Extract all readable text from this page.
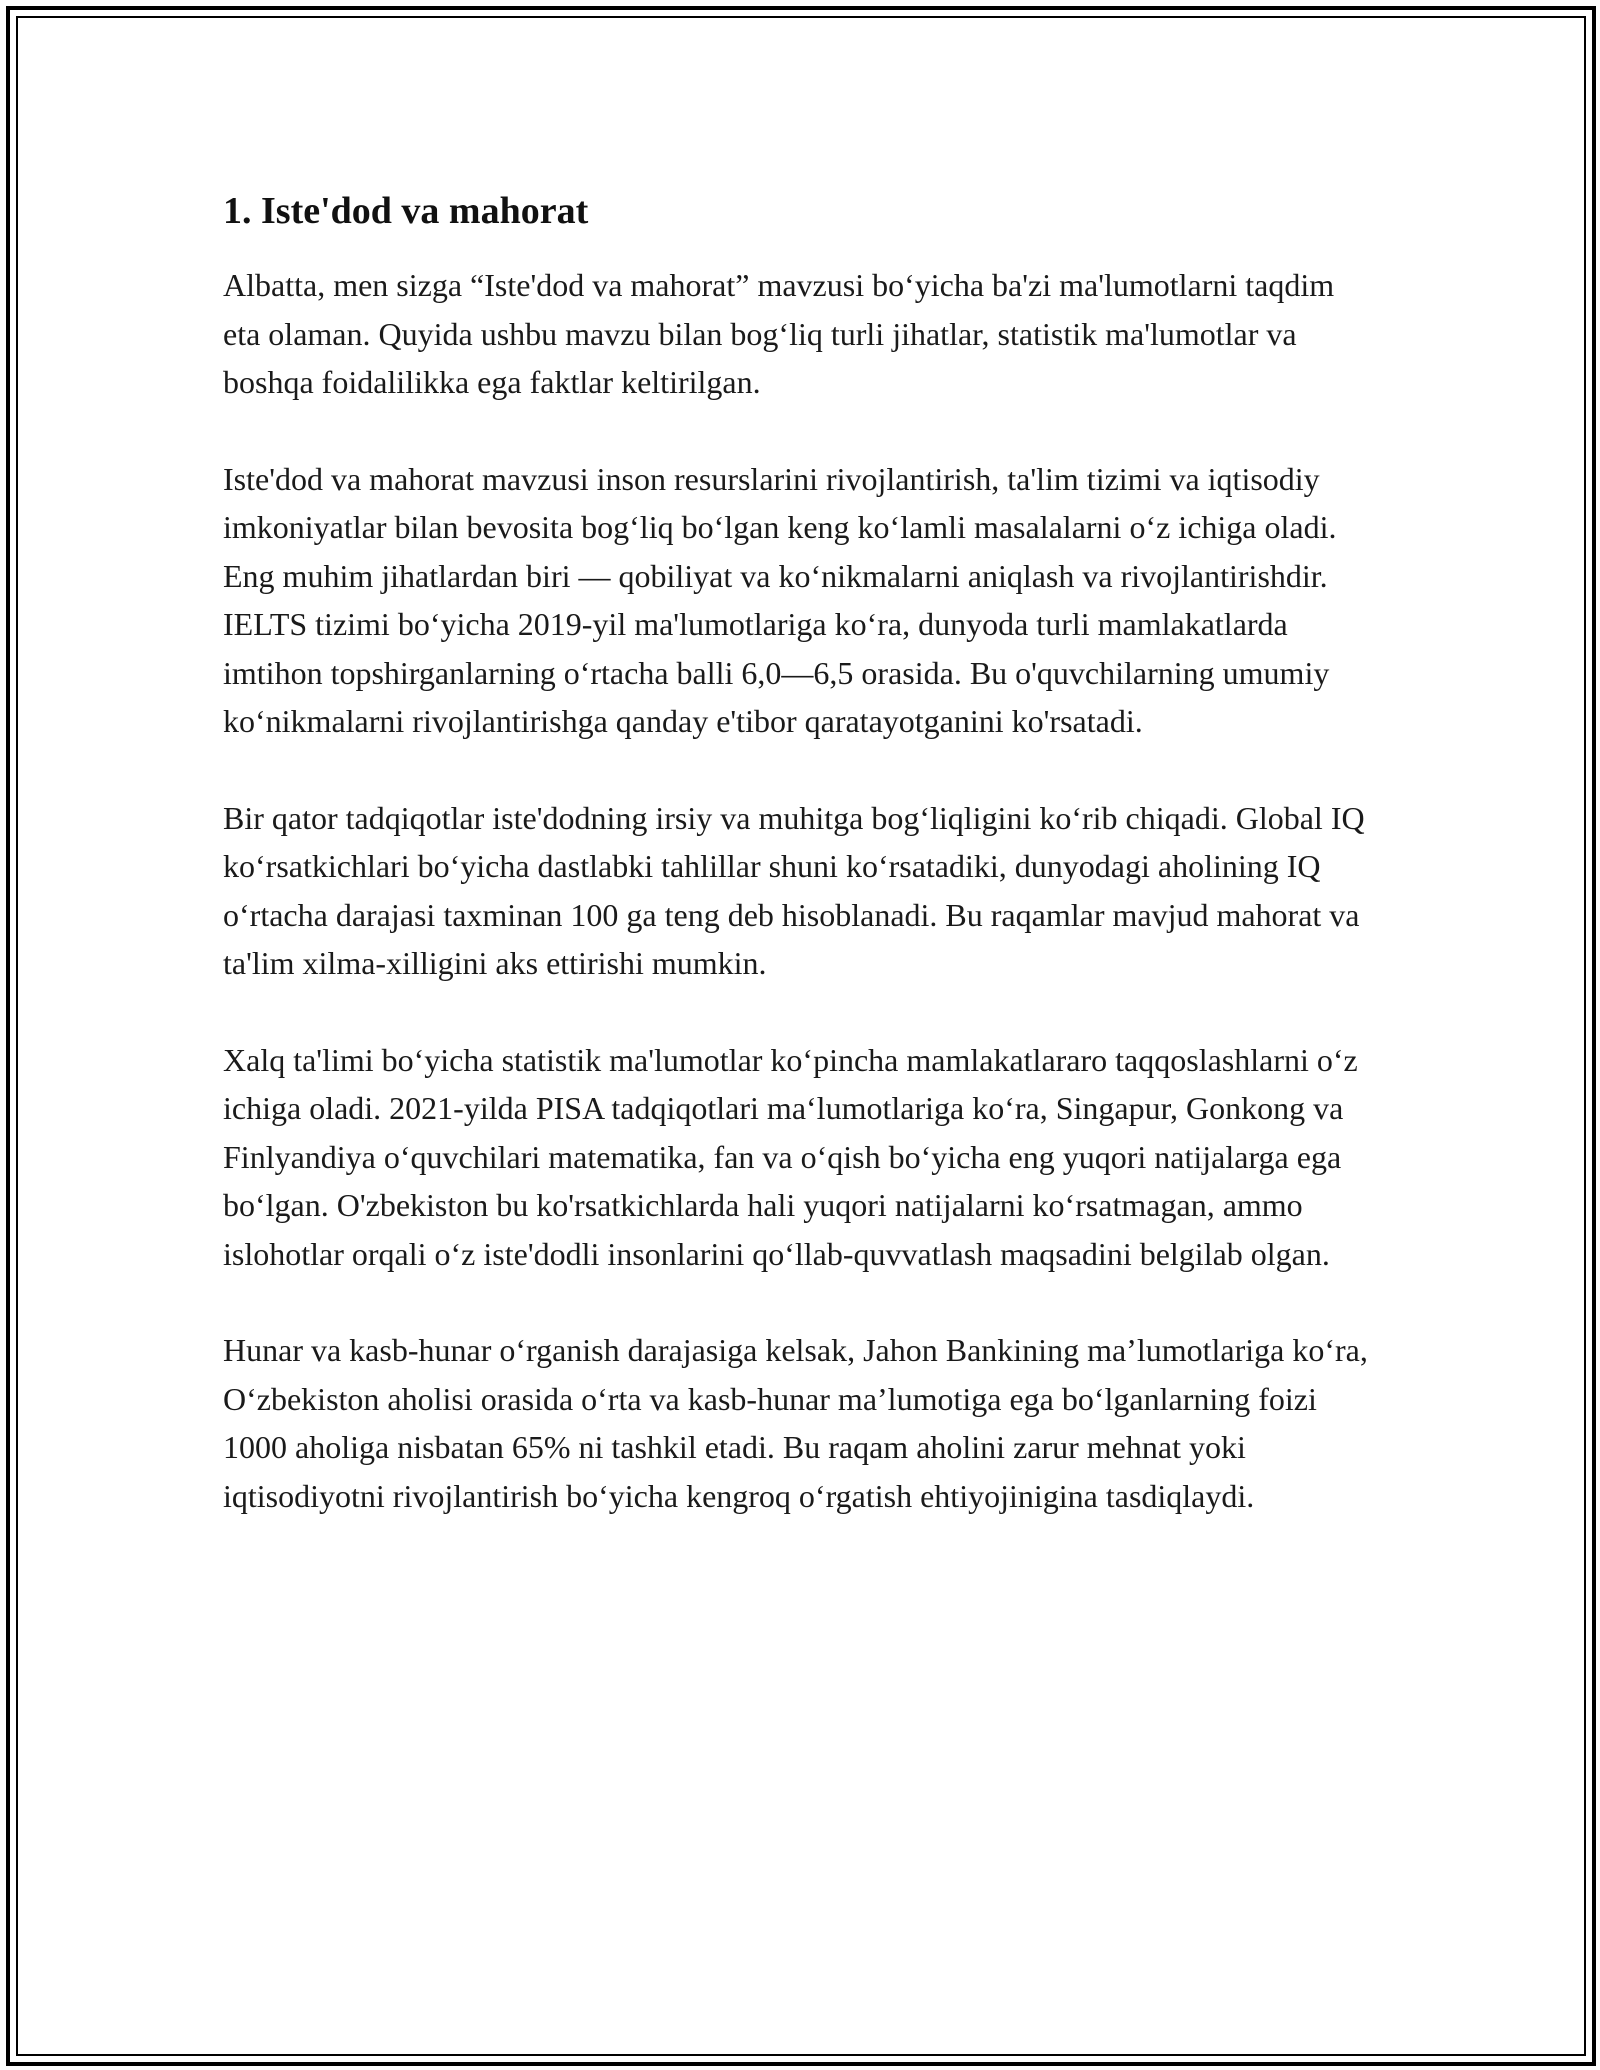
1. Iste'dod va mahorat

Albatta, men sizga “Iste'dod va mahorat” mavzusi boʻyicha ba'zi ma'lumotlarni taqdim eta olaman. Quyida ushbu mavzu bilan bogʻliq turli jihatlar, statistik ma'lumotlar va boshqa foidalilikka ega faktlar keltirilgan.

Iste'dod va mahorat mavzusi inson resurslarini rivojlantirish, ta'lim tizimi va iqtisodiy imkoniyatlar bilan bevosita bogʻliq boʻlgan keng koʻlamli masalalarni oʻz ichiga oladi. Eng muhim jihatlardan biri — qobiliyat va koʻnikmalarni aniqlash va rivojlantirishdir. IELTS tizimi boʻyicha 2019-yil ma'lumotlariga koʻra, dunyoda turli mamlakatlarda imtihon topshirganlarning oʻrtacha balli 6,0—6,5 orasida. Bu o'quvchilarning umumiy koʻnikmalarni rivojlantirishga qanday e'tibor qaratayotganini ko'rsatadi.

Bir qator tadqiqotlar iste'dodning irsiy va muhitga bogʻliqligini koʻrib chiqadi. Global IQ koʻrsatkichlari boʻyicha dastlabki tahlillar shuni koʻrsatadiki, dunyodagi aholining IQ oʻrtacha darajasi taxminan 100 ga teng deb hisoblanadi. Bu raqamlar mavjud mahorat va ta'lim xilma-xilligini aks ettirishi mumkin.

Xalq ta'limi boʻyicha statistik ma'lumotlar koʻpincha mamlakatlararo taqqoslashlarni oʻz ichiga oladi. 2021-yilda PISA tadqiqotlari maʻlumotlariga koʻra, Singapur, Gonkong va Finlyandiya oʻquvchilari matematika, fan va oʻqish boʻyicha eng yuqori natijalarga ega boʻlgan. O'zbekiston bu ko'rsatkichlarda hali yuqori natijalarni koʻrsatmagan, ammo islohotlar orqali oʻz iste'dodli insonlarini qoʻllab-quvvatlash maqsadini belgilab olgan.

Hunar va kasb-hunar oʻrganish darajasiga kelsak, Jahon Bankining ma’lumotlariga koʻra, Oʻzbekiston aholisi orasida oʻrta va kasb-hunar ma’lumotiga ega boʻlganlarning foizi 1000 aholiga nisbatan 65% ni tashkil etadi. Bu raqam aholini zarur mehnat yoki iqtisodiyotni rivojlantirish boʻyicha kengroq oʻrgatish ehtiyojinigina tasdiqlaydi.
